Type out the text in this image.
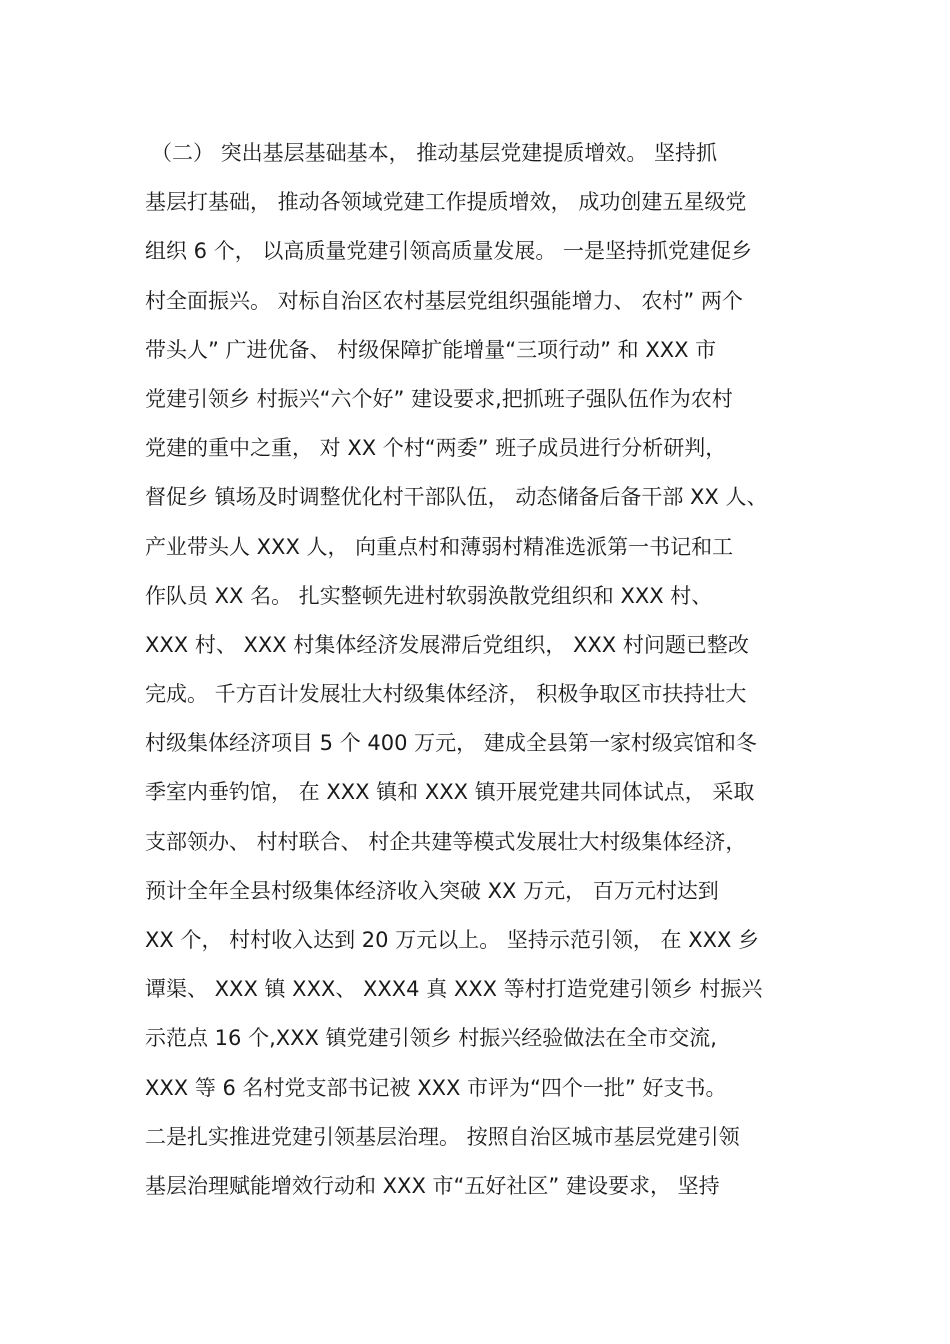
（二） 突出基层基础基本， 推动基层党建提质增效。 坚持抓
基层打基础， 推动各领域党建工作提质增效， 成功创建五星级党
组织 6 个， 以高质量党建引领高质量发展。 一是坚持抓党建促乡
村全面振兴。 对标自治区农村基层党组织强能增力、 农村” 两个
带头人” 广进优备、 村级保障扩能增量“三项行动” 和 XXX 市
党建引领乡 村振兴“六个好” 建设要求,把抓班子强队伍作为农村
党建的重中之重， 对 XX 个村“两委” 班子成员进行分析研判，
督促乡 镇场及时调整优化村干部队伍， 动态储备后备干部 XX 人、
产业带头人 XXX 人， 向重点村和薄弱村精准选派第一书记和工
作队员 XX 名。 扎实整顿先进村软弱涣散党组织和 XXX 村、
XXX 村、 XXX 村集体经济发展滞后党组织， XXX 村问题已整改
完成。 千方百计发展壮大村级集体经济， 积极争取区市扶持壮大
村级集体经济项目 5 个 400 万元， 建成全县第一家村级宾馆和冬
季室内垂钓馆， 在 XXX 镇和 XXX 镇开展党建共同体试点， 采取
支部领办、 村村联合、 村企共建等模式发展壮大村级集体经济，
预计全年全县村级集体经济收入突破 XX 万元， 百万元村达到
XX 个， 村村收入达到 20 万元以上。 坚持示范引领， 在 XXX 乡
谭渠、 XXX 镇 XXX、 XXX4 真 XXX 等村打造党建引领乡 村振兴
示范点 16 个,XXX 镇党建引领乡 村振兴经验做法在全市交流,
XXX 等 6 名村党支部书记被 XXX 市评为“四个一批” 好支书。
二是扎实推进党建引领基层治理。 按照自治区城市基层党建引领
基层治理赋能增效行动和 XXX 市“五好社区” 建设要求， 坚持
